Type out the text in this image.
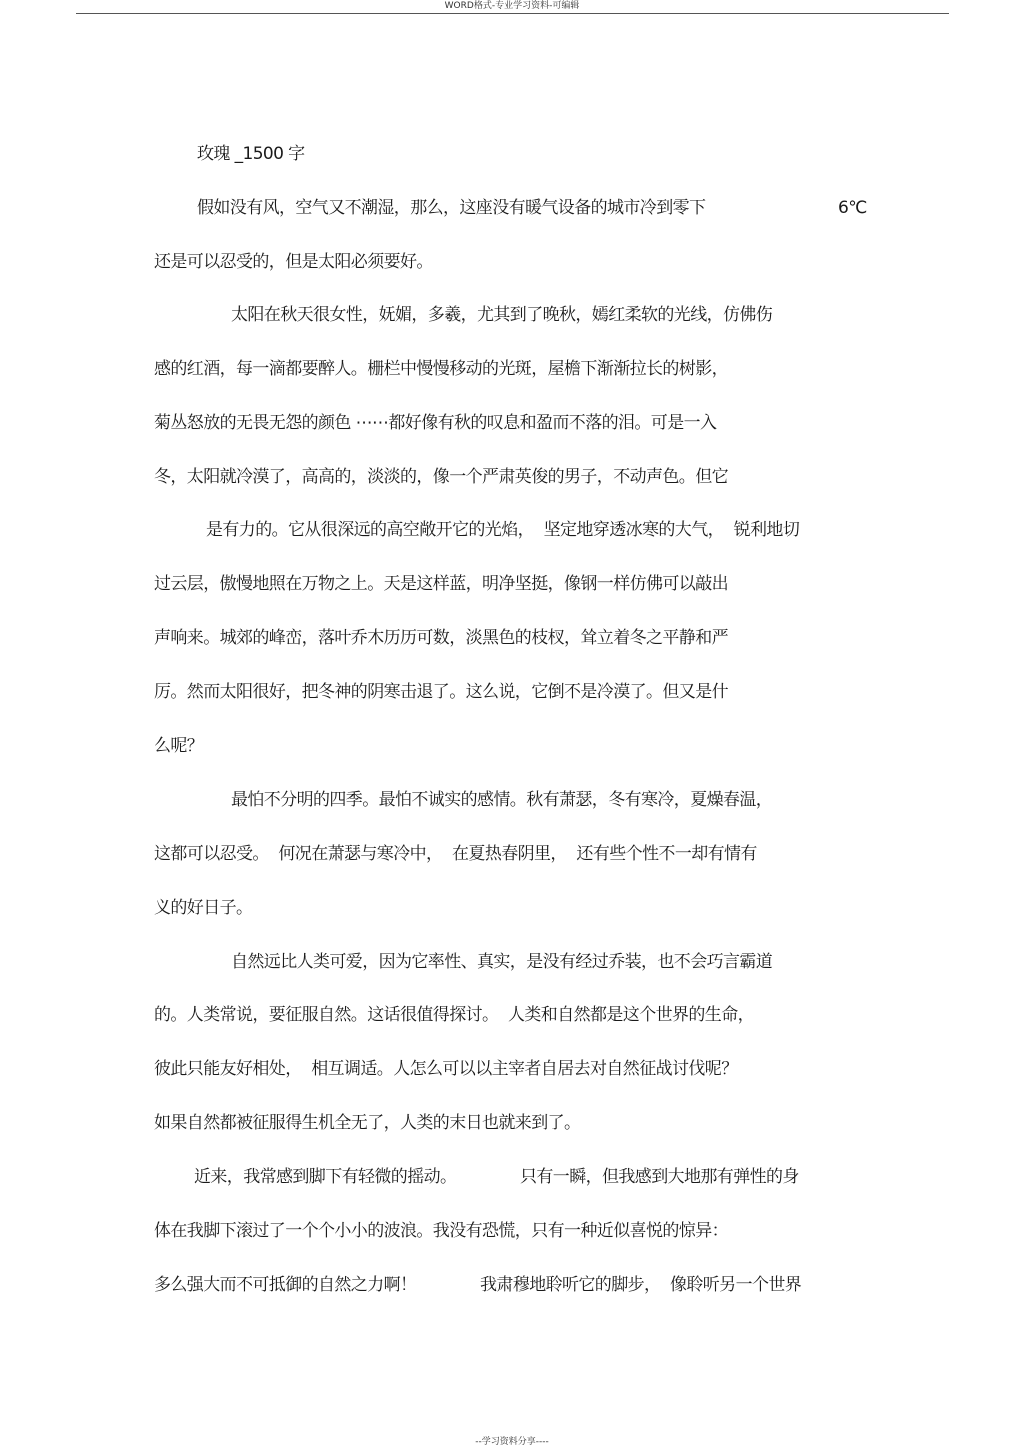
WORD格式-专业学习资料-可编辑
玫瑰 _1500 字
假如没有风，空气又不潮湿，那么，这座没有暖气设备的城市冷到零下	6℃
还是可以忍受的，但是太阳必须要好。
太阳在秋天很女性，妩媚，多羲，尤其到了晚秋，嫣红柔软的光线，仿佛伤
感的红酒，每一滴都要醉人。栅栏中慢慢移动的光斑，屋檐下渐渐拉长的树影，
菊丛怒放的无畏无怨的颜色 ⋯⋯都好像有秋的叹息和盈而不落的泪。可是一入
冬，太阳就冷漠了，高高的，淡淡的，像一个严肃英俊的男子，不动声色。但它
是有力的。它从很深远的高空敞开它的光焰，  坚定地穿透冰寒的大气，  锐利地切
过云层，傲慢地照在万物之上。天是这样蓝，明净坚挺，像钢一样仿佛可以敲出
声响来。城郊的峰峦，落叶乔木历历可数，淡黑色的枝杈，耸立着冬之平静和严
厉。然而太阳很好，把冬神的阴寒击退了。这么说，它倒不是冷漠了。但又是什
么呢？
最怕不分明的四季。最怕不诚实的感情。秋有萧瑟，冬有寒冷，夏燥春温，
这都可以忍受。  何况在萧瑟与寒冷中，  在夏热春阴里，  还有些个性不一却有情有
义的好日子。
自然远比人类可爱，因为它率性、真实，是没有经过乔装，也不会巧言霸道
的。人类常说，要征服自然。这话很值得探讨。  人类和自然都是这个世界的生命，
彼此只能友好相处，  相互调适。人怎么可以以主宰者自居去对自然征战讨伐呢？
如果自然都被征服得生机全无了，人类的末日也就来到了。
近来，我常感到脚下有轻微的摇动。	只有一瞬，但我感到大地那有弹性的身
体在我脚下滚过了一个个小小的波浪。我没有恐慌，只有一种近似喜悦的惊异：
多么强大而不可抵御的自然之力啊！	我肃穆地聆听它的脚步，  像聆听另一个世界
--学习资料分享----
